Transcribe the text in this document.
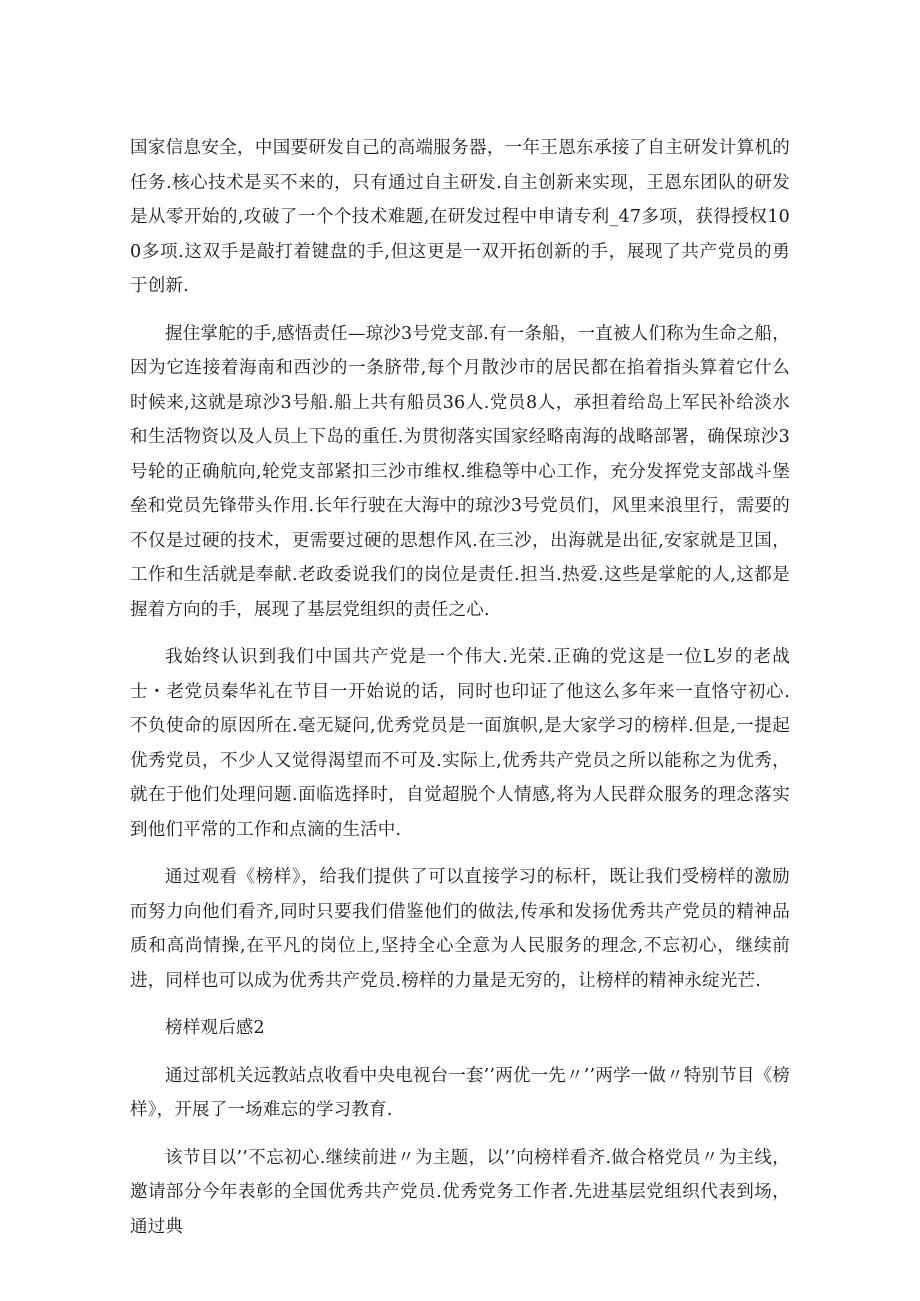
国家信息安全，中国要研发自己的高端服务器，一年王恩东承接了自主研发计算机的任务.核心技术是买不来的，只有通过自主研发.自主创新来实现，王恩东团队的研发是从零开始的,攻破了一个个技术难题,在研发过程中申请专利_47多项，获得授权100多项.这双手是敲打着键盘的手,但这更是一双开拓创新的手，展现了共产党员的勇于创新.

握住掌舵的手,感悟责任—琼沙3号党支部.有一条船，一直被人们称为生命之船，因为它连接着海南和西沙的一条脐带,每个月散沙市的居民都在掐着指头算着它什么时候来,这就是琼沙3号船.船上共有船员36人.党员8人，承担着给岛上军民补给淡水和生活物资以及人员上下岛的重任.为贯彻落实国家经略南海的战略部署，确保琼沙3号轮的正确航向,轮党支部紧扣三沙市维权.维稳等中心工作，充分发挥党支部战斗堡垒和党员先锋带头作用.长年行驶在大海中的琼沙3号党员们，风里来浪里行，需要的不仅是过硬的技术，更需要过硬的思想作风.在三沙，出海就是出征,安家就是卫国，工作和生活就是奉献.老政委说我们的岗位是责任.担当.热爱.这些是掌舵的人,这都是握着方向的手，展现了基层党组织的责任之心.

我始终认识到我们中国共产党是一个伟大.光荣.正确的党这是一位L岁的老战士・老党员秦华礼在节目一开始说的话，同时也印证了他这么多年来一直恪守初心.不负使命的原因所在.毫无疑问,优秀党员是一面旗帜,是大家学习的榜样.但是,一提起优秀党员，不少人又觉得渴望而不可及.实际上,优秀共产党员之所以能称之为优秀，就在于他们处理问题.面临选择时，自觉超脱个人情感,将为人民群众服务的理念落实到他们平常的工作和点滴的生活中.

通过观看《榜样》，给我们提供了可以直接学习的标杆，既让我们受榜样的激励而努力向他们看齐,同时只要我们借鉴他们的做法,传承和发扬优秀共产党员的精神品质和高尚情操,在平凡的岗位上,坚持全心全意为人民服务的理念,不忘初心，继续前进，同样也可以成为优秀共产党员.榜样的力量是无穷的，让榜样的精神永绽光芒.

榜样观后感2

通过部机关远教站点收看中央电视台一套’’两优一先〃’’两学一做〃特别节目《榜样》，开展了一场难忘的学习教育.

该节目以’’不忘初心.继续前进〃为主题，以’’向榜样看齐.做合格党员〃为主线，邀请部分今年表彰的全国优秀共产党员.优秀党务工作者.先进基层党组织代表到场，通过典
